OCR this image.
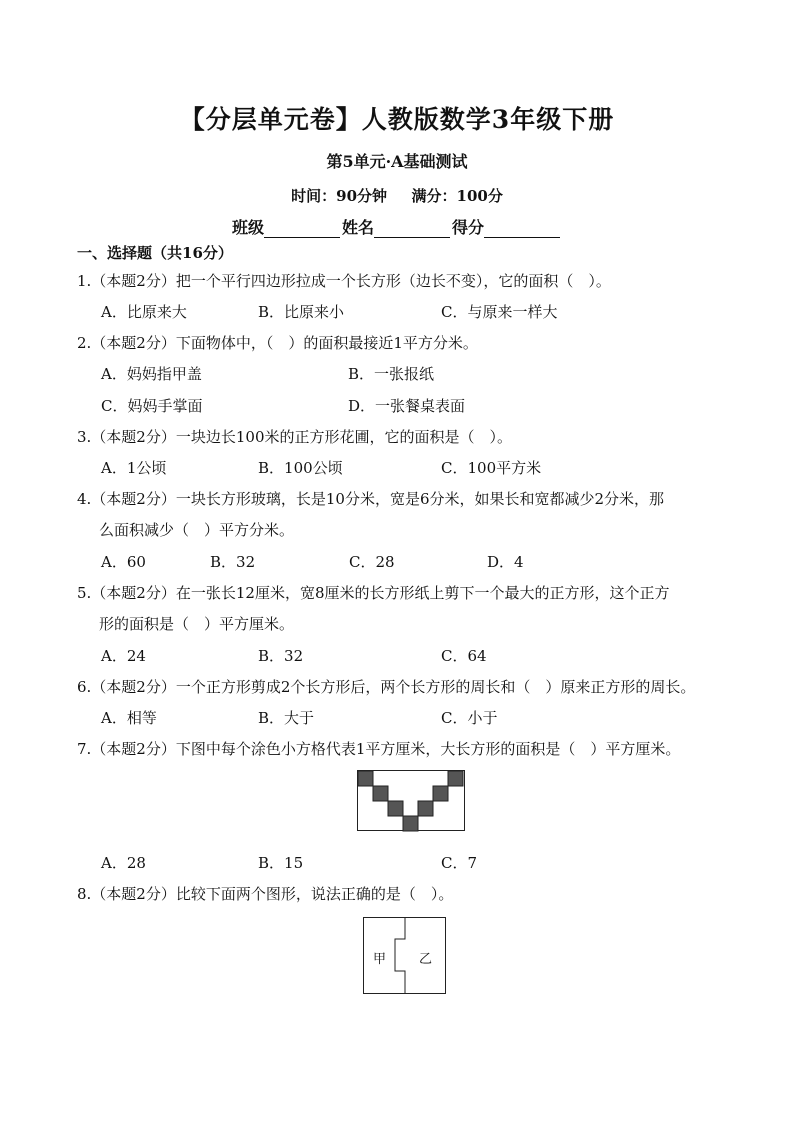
【分层单元卷】人教版数学3年级下册
第5单元·A基础测试
时间：90分钟 满分：100分
班级	姓名	得分
一、选择题（共16分）
1.（本题2分）把一个平行四边形拉成一个长方形（边长不变），它的面积（　）。
A．比原来大	B．比原来小	C．与原来一样大
2.（本题2分）下面物体中，（　）的面积最接近1平方分米。
A．妈妈指甲盖	B．一张报纸
C．妈妈手掌面	D．一张餐桌表面
3.（本题2分）一块边长100米的正方形花圃，它的面积是（　）。
A．1公顷	B．100公顷	C．100平方米
4.（本题2分）一块长方形玻璃，长是10分米，宽是6分米，如果长和宽都减少2分米，那
么面积减少（　）平方分米。
A．60	B．32	C．28	D．4
5.（本题2分）在一张长12厘米，宽8厘米的长方形纸上剪下一个最大的正方形，这个正方
形的面积是（　）平方厘米。
A．24	B．32	C．64
6.（本题2分）一个正方形剪成2个长方形后，两个长方形的周长和（　）原来正方形的周长。
A．相等	B．大于	C．小于
7.（本题2分）下图中每个涂色小方格代表1平方厘米，大长方形的面积是（　）平方厘米。
A．28	B．15	C．7
8.（本题2分）比较下面两个图形，说法正确的是（　）。
甲	乙
